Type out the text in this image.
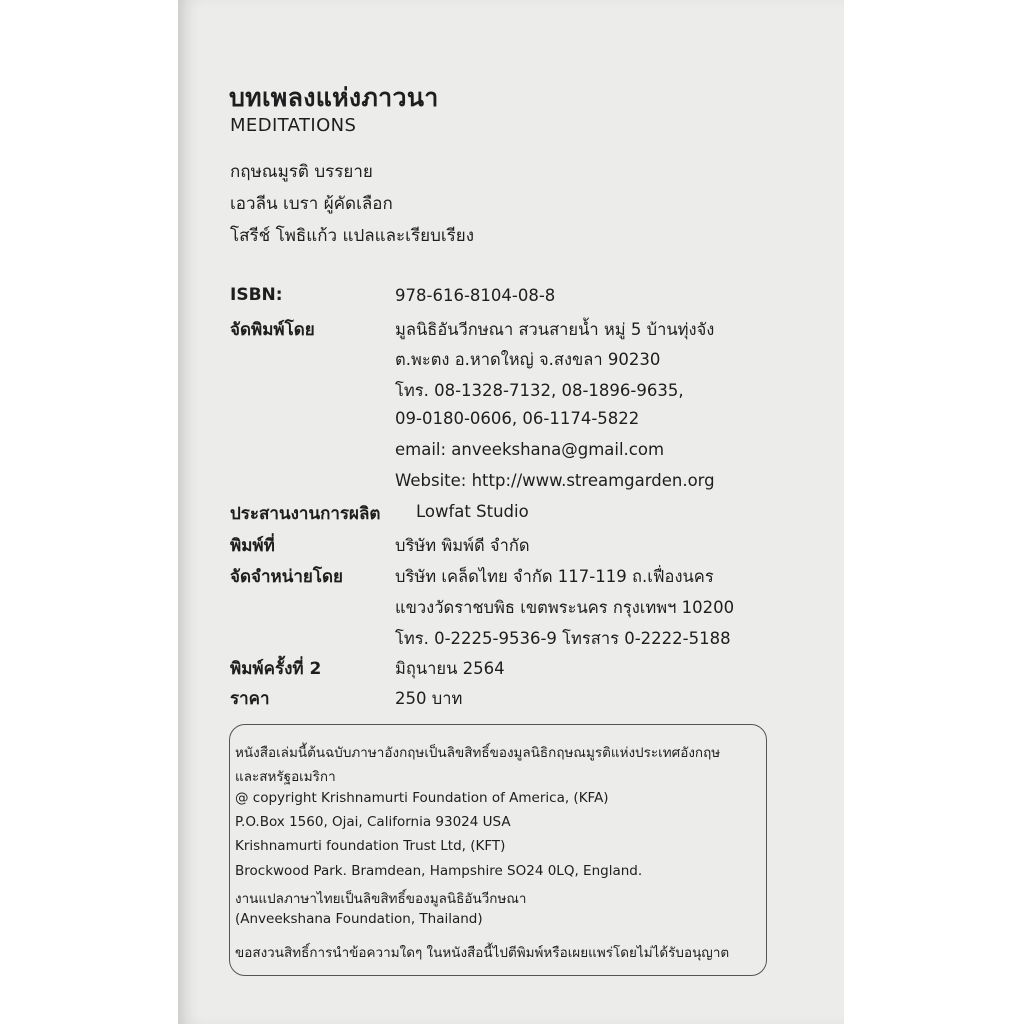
บทเพลงแห่งภาวนา
MEDITATIONS
กฤษณมูรติ บรรยาย
เอวลีน เบรา ผู้คัดเลือก
โสรีช์ โพธิแก้ว แปลและเรียบเรียง
ISBN:	978-616-8104-08-8
จัดพิมพ์โดย	มูลนิธิอันวีกษณา สวนสายน้ำ หมู่ 5 บ้านทุ่งจัง
ต.พะตง อ.หาดใหญ่ จ.สงขลา 90230
โทร. 08-1328-7132, 08-1896-9635,
09-0180-0606, 06-1174-5822
email: anveekshana@gmail.com
Website: http://www.streamgarden.org
ประสานงานการผลิต Lowfat Studio
พิมพ์ที่	บริษัท พิมพ์ดี จำกัด
จัดจำหน่ายโดย	บริษัท เคล็ดไทย จำกัด 117-119 ถ.เฟื่องนคร
แขวงวัดราชบพิธ เขตพระนคร กรุงเทพฯ 10200
โทร. 0-2225-9536-9 โทรสาร 0-2222-5188
พิมพ์ครั้งที่ 2	มิถุนายน 2564
ราคา	250 บาท
หนังสือเล่มนี้ต้นฉบับภาษาอังกฤษเป็นลิขสิทธิ์ของมูลนิธิกฤษณมูรติแห่งประเทศอังกฤษ
และสหรัฐอเมริกา
@ copyright Krishnamurti Foundation of America, (KFA)
P.O.Box 1560, Ojai, California 93024 USA
Krishnamurti foundation Trust Ltd, (KFT)
Brockwood Park. Bramdean, Hampshire SO24 0LQ, England.
งานแปลภาษาไทยเป็นลิขสิทธิ์ของมูลนิธิอันวีกษณา
(Anveekshana Foundation, Thailand)
ขอสงวนสิทธิ์การนำข้อความใดๆ ในหนังสือนี้ไปตีพิมพ์หรือเผยแพร่โดยไม่ได้รับอนุญาต
